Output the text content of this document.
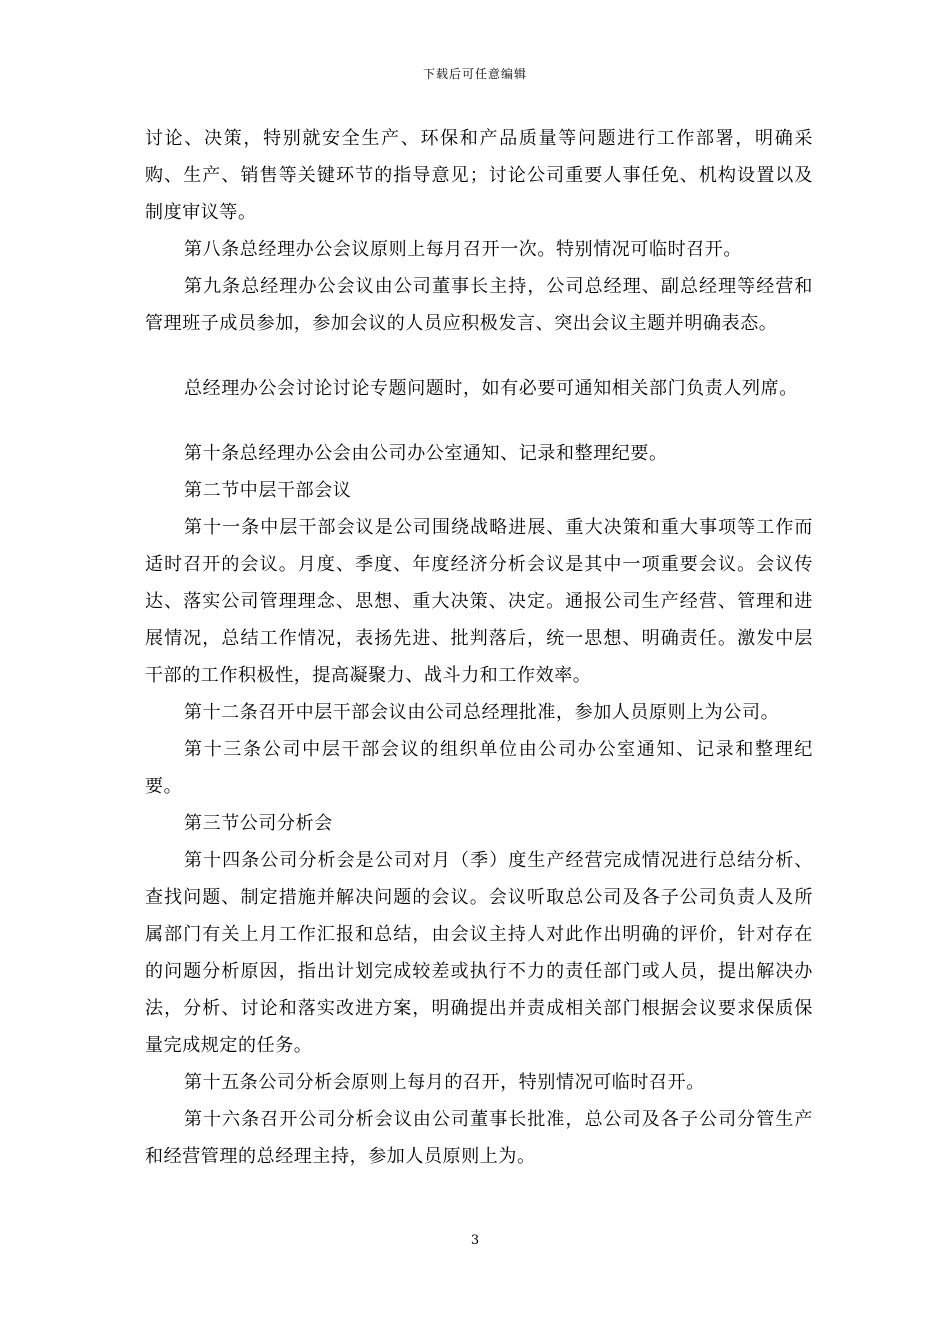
下载后可任意编辑

讨论、决策，特别就安全生产、环保和产品质量等问题进行工作部署，明确采购、生产、销售等关键环节的指导意见；讨论公司重要人事任免、机构设置以及制度审议等。

第八条总经理办公会议原则上每月召开一次。特别情况可临时召开。

第九条总经理办公会议由公司董事长主持，公司总经理、副总经理等经营和管理班子成员参加，参加会议的人员应积极发言、突出会议主题并明确表态。

总经理办公会讨论讨论专题问题时，如有必要可通知相关部门负责人列席。

第十条总经理办公会由公司办公室通知、记录和整理纪要。

第二节中层干部会议

第十一条中层干部会议是公司围绕战略进展、重大决策和重大事项等工作而适时召开的会议。月度、季度、年度经济分析会议是其中一项重要会议。会议传达、落实公司管理理念、思想、重大决策、决定。通报公司生产经营、管理和进展情况，总结工作情况，表扬先进、批判落后，统一思想、明确责任。激发中层干部的工作积极性，提高凝聚力、战斗力和工作效率。

第十二条召开中层干部会议由公司总经理批准，参加人员原则上为公司。

第十三条公司中层干部会议的组织单位由公司办公室通知、记录和整理纪要。

第三节公司分析会

第十四条公司分析会是公司对月（季）度生产经营完成情况进行总结分析、查找问题、制定措施并解决问题的会议。会议听取总公司及各子公司负责人及所属部门有关上月工作汇报和总结，由会议主持人对此作出明确的评价，针对存在的问题分析原因，指出计划完成较差或执行不力的责任部门或人员，提出解决办法，分析、讨论和落实改进方案，明确提出并责成相关部门根据会议要求保质保量完成规定的任务。

第十五条公司分析会原则上每月的召开，特别情况可临时召开。

第十六条召开公司分析会议由公司董事长批准，总公司及各子公司分管生产和经营管理的总经理主持，参加人员原则上为。

3
